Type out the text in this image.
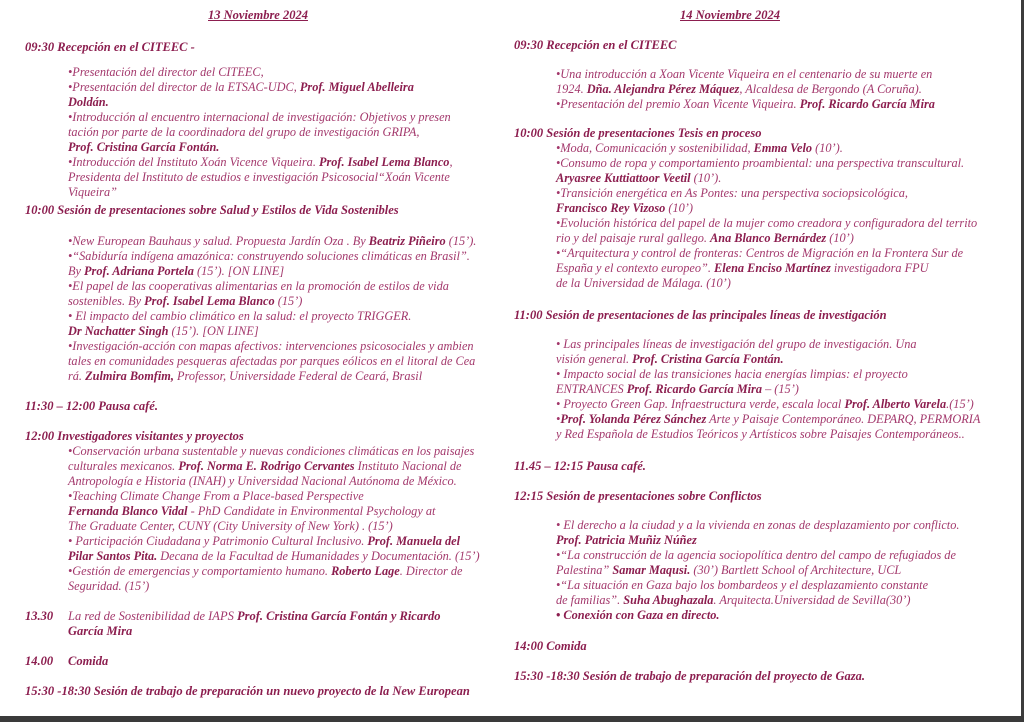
13 Noviembre 2024
09:30 Recepción en el CITEEC -
•Presentación del director del CITEEC,
•Presentación del director de la ETSAC-UDC, Prof. Miguel Abelleira
Doldán.
•Introducción al encuentro internacional de investigación: Objetivos y presen
tación por parte de la coordinadora del grupo de investigación GRIPA,
Prof. Cristina García Fontán.
•Introducción del Instituto Xoán Vicence Viqueira. Prof. Isabel Lema Blanco,
Presidenta del Instituto de estudios e investigación Psicosocial“Xoán Vicente
Viqueira”
10:00 Sesión de presentaciones sobre Salud y Estilos de Vida Sostenibles
•New European Bauhaus y salud. Propuesta Jardín Oza . By Beatriz Piñeiro (15’).
•“Sabiduría indígena amazónica: construyendo soluciones climáticas en Brasil”.
By Prof. Adriana Portela (15’). [ON LINE]
•El papel de las cooperativas alimentarias en la promoción de estilos de vida
sostenibles. By Prof. Isabel Lema Blanco (15’)
• El impacto del cambio climático en la salud: el proyecto TRIGGER.
Dr Nachatter Singh (15’). [ON LINE]
•Investigación-acción con mapas afectivos: intervenciones psicosociales y ambien
tales en comunidades pesqueras afectadas por parques eólicos en el litoral de Cea
rá. Zulmira Bomfim, Professor, Universidade Federal de Ceará, Brasil
11:30 – 12:00 Pausa café.
12:00 Investigadores visitantes y proyectos
•Conservación urbana sustentable y nuevas condiciones climáticas en los paisajes
culturales mexicanos. Prof. Norma E. Rodrigo Cervantes Instituto Nacional de
Antropología e Historia (INAH) y Universidad Nacional Autónoma de México.
•Teaching Climate Change From a Place-based Perspective
Fernanda Blanco Vidal - PhD Candidate in Environmental Psychology at
The Graduate Center, CUNY (City University of New York) . (15’)
• Participación Ciudadana y Patrimonio Cultural Inclusivo. Prof. Manuela del
Pilar Santos Pita. Decana de la Facultad de Humanidades y Documentación. (15’)
•Gestión de emergencias y comportamiento humano. Roberto Lage. Director de
Seguridad. (15’)
13.30 La red de Sostenibilidad de IAPS Prof. Cristina García Fontán y Ricardo
García Mira
14.00 Comida
15:30 -18:30 Sesión de trabajo de preparación un nuevo proyecto de la New European
14 Noviembre 2024
09:30 Recepción en el CITEEC
•Una introducción a Xoan Vicente Viqueira en el centenario de su muerte en
1924. Dña. Alejandra Pérez Máquez, Alcaldesa de Bergondo (A Coruña).
•Presentación del premio Xoan Vicente Viqueira. Prof. Ricardo García Mira
10:00 Sesión de presentaciones Tesis en proceso
•Moda, Comunicación y sostenibilidad, Emma Velo (10’).
•Consumo de ropa y comportamiento proambiental: una perspectiva transcultural.
Aryasree Kuttiattoor Veetil (10’).
•Transición energética en As Pontes: una perspectiva sociopsicológica,
Francisco Rey Vizoso (10’)
•Evolución histórica del papel de la mujer como creadora y configuradora del territo
rio y del paisaje rural gallego. Ana Blanco Bernárdez (10’)
•“Arquitectura y control de fronteras: Centros de Migración en la Frontera Sur de
España y el contexto europeo”. Elena Enciso Martínez investigadora FPU
de la Universidad de Málaga. (10’)
11:00 Sesión de presentaciones de las principales líneas de investigación
• Las principales líneas de investigación del grupo de investigación. Una
visión general. Prof. Cristina García Fontán.
• Impacto social de las transiciones hacia energías limpias: el proyecto
ENTRANCES Prof. Ricardo García Mira – (15’)
• Proyecto Green Gap. Infraestructura verde, escala local Prof. Alberto Varela.(15’)
•Prof. Yolanda Pérez Sánchez Arte y Paisaje Contemporáneo. DEPARQ, PERMORIA
y Red Española de Estudios Teóricos y Artísticos sobre Paisajes Contemporáneos..
11.45 – 12:15 Pausa café.
12:15 Sesión de presentaciones sobre Conflictos
• El derecho a la ciudad y a la vivienda en zonas de desplazamiento por conflicto.
Prof. Patricia Muñiz Núñez
•“La construcción de la agencia sociopolítica dentro del campo de refugiados de
Palestina” Samar Maqusi. (30’) Bartlett School of Architecture, UCL
•“La situación en Gaza bajo los bombardeos y el desplazamiento constante
de familias”. Suha Abughazala. Arquitecta.Universidad de Sevilla(30’)
• Conexión con Gaza en directo.
14:00 Comida
15:30 -18:30 Sesión de trabajo de preparación del proyecto de Gaza.
